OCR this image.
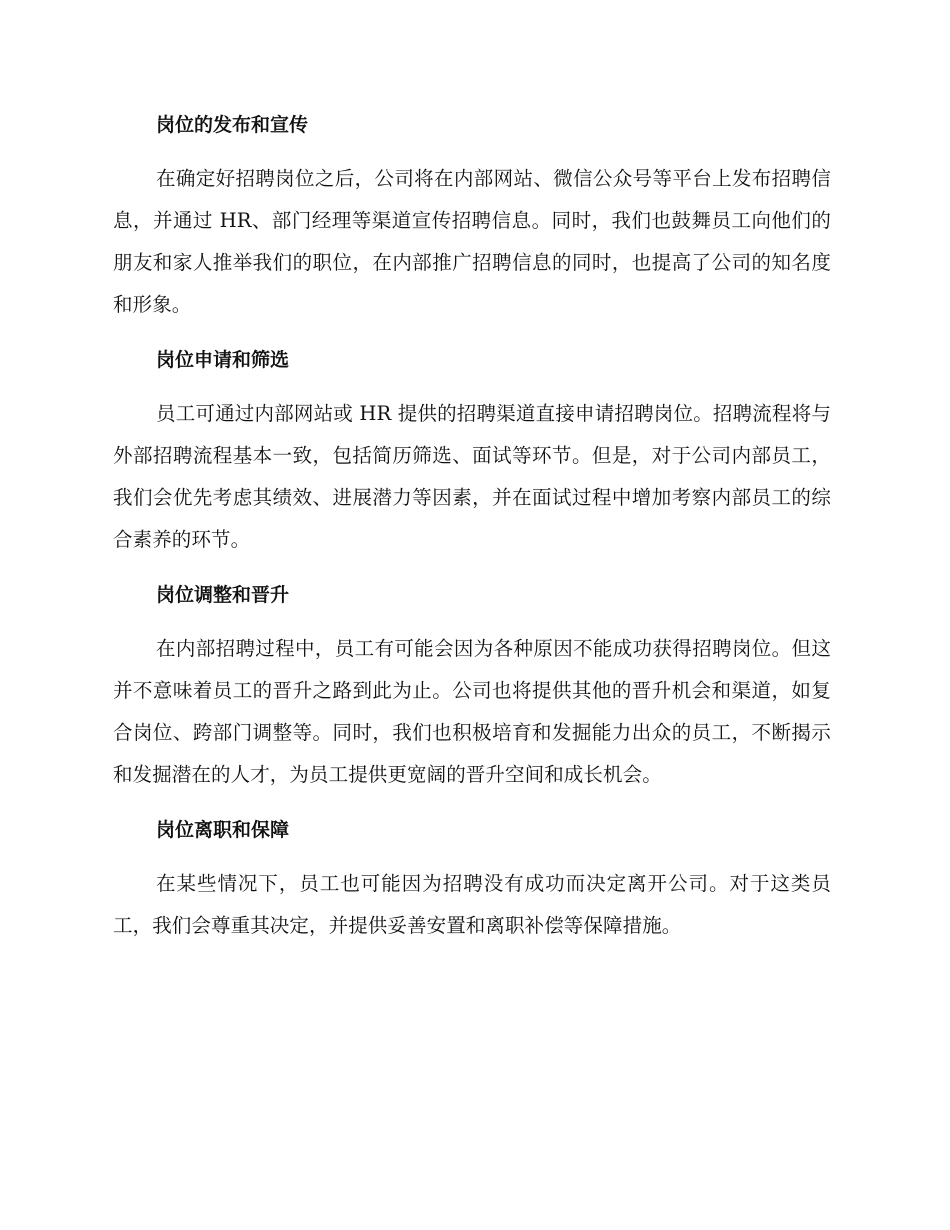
岗位的发布和宣传

在确定好招聘岗位之后，公司将在内部网站、微信公众号等平台上发布招聘信息，并通过 HR、部门经理等渠道宣传招聘信息。同时，我们也鼓舞员工向他们的朋友和家人推举我们的职位，在内部推广招聘信息的同时，也提高了公司的知名度和形象。

岗位申请和筛选

员工可通过内部网站或 HR 提供的招聘渠道直接申请招聘岗位。招聘流程将与外部招聘流程基本一致，包括简历筛选、面试等环节。但是，对于公司内部员工，我们会优先考虑其绩效、进展潜力等因素，并在面试过程中增加考察内部员工的综合素养的环节。

岗位调整和晋升

在内部招聘过程中，员工有可能会因为各种原因不能成功获得招聘岗位。但这并不意味着员工的晋升之路到此为止。公司也将提供其他的晋升机会和渠道，如复合岗位、跨部门调整等。同时，我们也积极培育和发掘能力出众的员工，不断揭示和发掘潜在的人才，为员工提供更宽阔的晋升空间和成长机会。

岗位离职和保障

在某些情况下，员工也可能因为招聘没有成功而决定离开公司。对于这类员工，我们会尊重其决定，并提供妥善安置和离职补偿等保障措施。
